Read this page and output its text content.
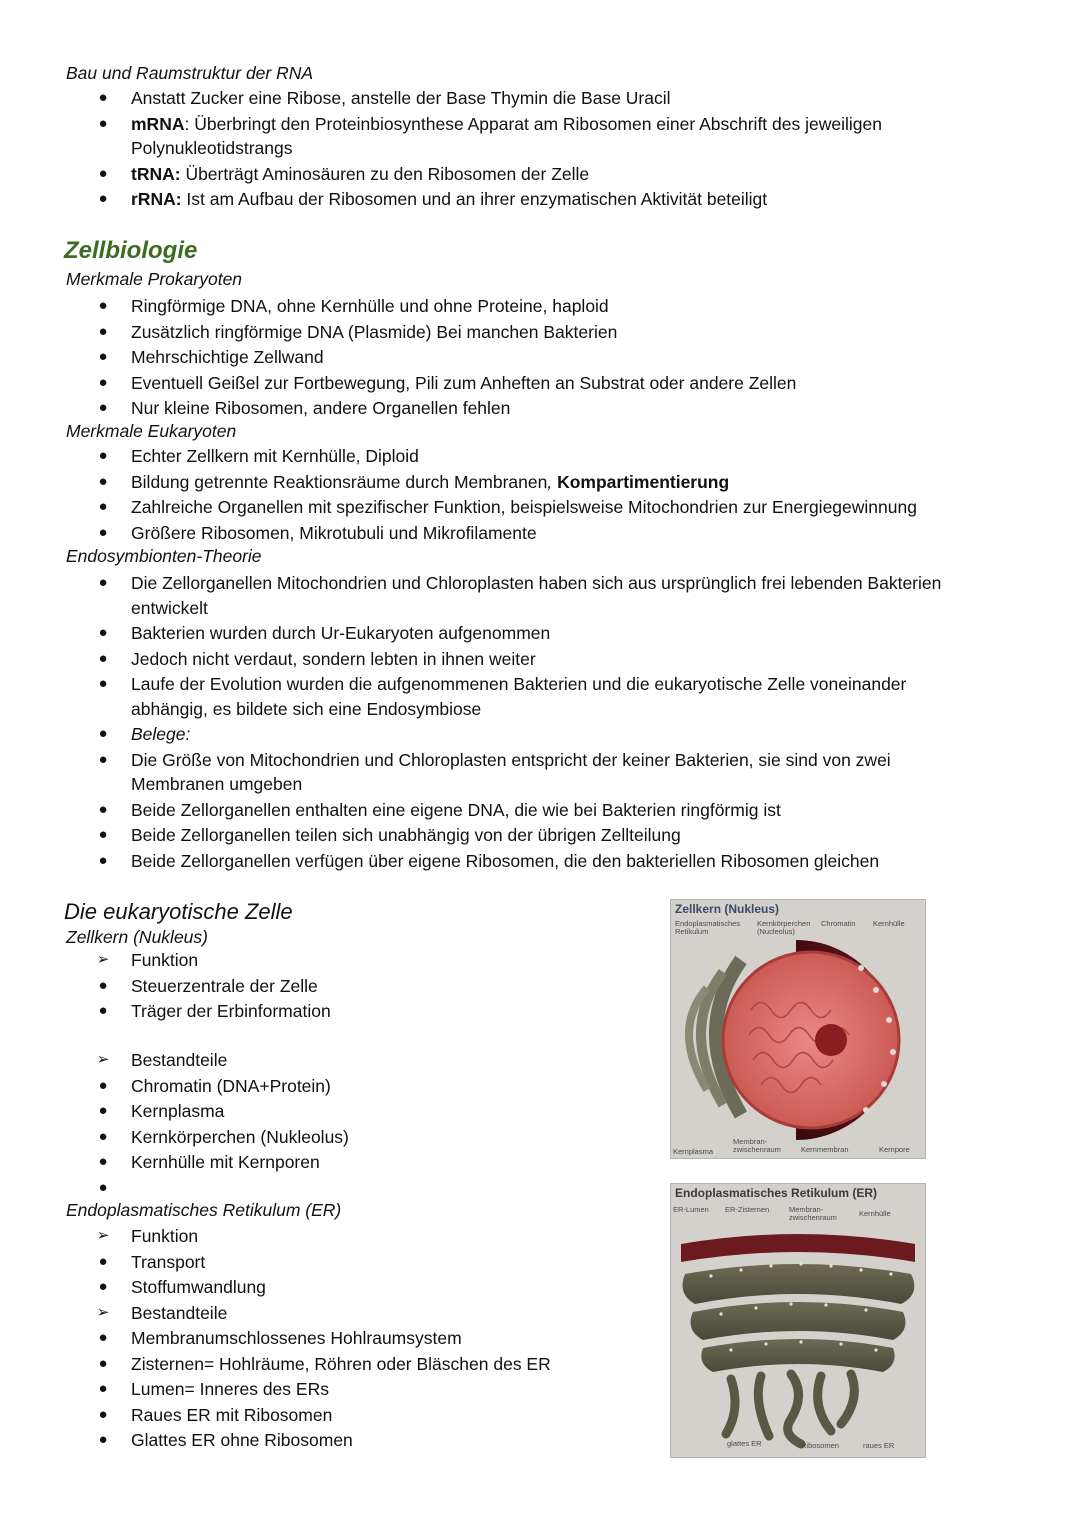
Bau und Raumstruktur der RNA
● Anstatt Zucker eine Ribose, anstelle der Base Thymin die Base Uracil
● mRNA: Überbringt den Proteinbiosynthese Apparat am Ribosomen einer Abschrift des jeweiligen Polynukleotidstrangs
● tRNA: Überträgt Aminosäuren zu den Ribosomen der Zelle
● rRNA: Ist am Aufbau der Ribosomen und an ihrer enzymatischen Aktivität beteiligt
Zellbiologie
Merkmale Prokaryoten
● Ringförmige DNA, ohne Kernhülle und ohne Proteine, haploid
● Zusätzlich ringförmige DNA (Plasmide) Bei manchen Bakterien
● Mehrschichtige Zellwand
● Eventuell Geißel zur Fortbewegung, Pili zum Anheften an Substrat oder andere Zellen
● Nur kleine Ribosomen, andere Organellen fehlen
Merkmale Eukaryoten
● Echter Zellkern mit Kernhülle, Diploid
● Bildung getrennte Reaktionsräume durch Membranen, Kompartimentierung
● Zahlreiche Organellen mit spezifischer Funktion, beispielsweise Mitochondrien zur Energiegewinnung
● Größere Ribosomen, Mikrotubuli und Mikrofilamente
Endosymbionten-Theorie
● Die Zellorganellen Mitochondrien und Chloroplasten haben sich aus ursprünglich frei lebenden Bakterien entwickelt
● Bakterien wurden durch Ur-Eukaryoten aufgenommen
● Jedoch nicht verdaut, sondern lebten in ihnen weiter
● Laufe der Evolution wurden die aufgenommenen Bakterien und die eukaryotische Zelle voneinander abhängig, es bildete sich eine Endosymbiose
● Belege:
● Die Größe von Mitochondrien und Chloroplasten entspricht der keiner Bakterien, sie sind von zwei Membranen umgeben
● Beide Zellorganellen enthalten eine eigene DNA, die wie bei Bakterien ringförmig ist
● Beide Zellorganellen teilen sich unabhängig von der übrigen Zellteilung
● Beide Zellorganellen verfügen über eigene Ribosomen, die den bakteriellen Ribosomen gleichen
Die eukaryotische Zelle
Zellkern (Nukleus)
➢ Funktion
● Steuerzentrale der Zelle
● Träger der Erbinformation
➢ Bestandteile
● Chromatin (DNA+Protein)
● Kernplasma
● Kernkörperchen (Nukleolus)
● Kernhülle mit Kernporen
●
Endoplasmatisches Retikulum (ER)
➢ Funktion
● Transport
● Stoffumwandlung
➢ Bestandteile
● Membranumschlossenes Hohlraumsystem
● Zisternen= Hohlräume, Röhren oder Bläschen des ER
● Lumen= Inneres des ERs
● Raues ER mit Ribosomen
● Glattes ER ohne Ribosomen
Zellkern (Nukleus)
Endoplasmatisches Retikulum
Kernkörperchen (Nucleolus)
Chromatin Kernhülle
Kernplasma
Membran-zwischenraum	Kernmembran	Kernpore
Endoplasmatisches Retikulum (ER)
ER-Lumen ER-Zisternen	Membran-zwischenraum	Kernhülle
glattes ER	Ribosomen	raues ER
